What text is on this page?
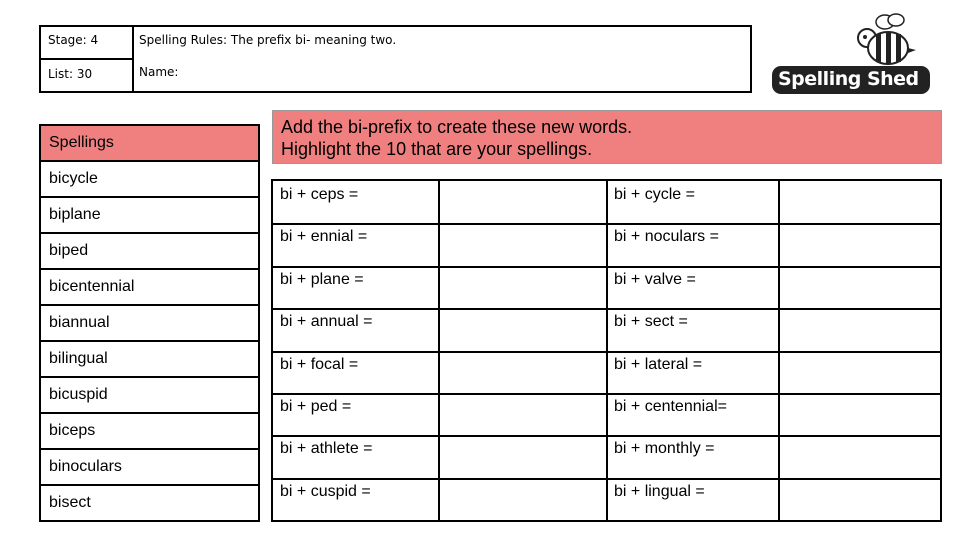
Stage: 4
List: 30
Spelling Rules: The prefix bi- meaning two.
Name:	Spelling Shed
Spellings
bicycle
biplane
biped
bicentennial
biannual
bilingual
bicuspid
biceps
binoculars
bisect
Add the bi-prefix to create these new words.
Highlight the 10 that are your spellings.
bi + ceps =
bi + ennial =
bi + plane =
bi + annual =
bi + focal =
bi + ped =
bi + athlete =
bi + cuspid =
bi + cycle =
bi + noculars =
bi + valve =
bi + sect =
bi + lateral =
bi + centennial=
bi + monthly =
bi + lingual =
